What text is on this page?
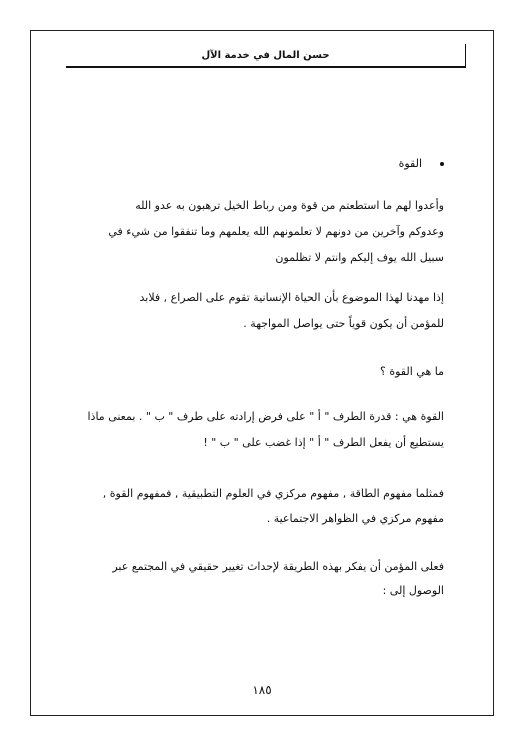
حسن المال في خدمة الآل
القوة
وأعدوا لهم ما استطعتم من قوة ومن رباط الخيل ترهبون به عدو الله
وعدوكم وآخرين من دونهم لا تعلمونهم الله يعلمهم وما تنفقوا من شيء في
سبيل الله يوف إليكم وانتم لا تظلمون
إذا مهدنا لهذا الموضوع بأن الحياة الإنسانية تقوم على الصراع , فلابد
للمؤمن أن يكون قوياً حتى يواصل المواجهة .
ما هي القوة ؟
القوة هي : قدرة الطرف " أ " على فرض إرادته على طرف " ب " . بمعنى ماذا
يستطيع أن يفعل الطرف " أ " إذا غضب على " ب " !
فمثلما مفهوم الطاقة , مفهوم مركزي في العلوم التطبيقية , فمفهوم القوة ,
مفهوم مركزي في الظواهر الاجتماعية .
فعلى المؤمن أن يفكر بهذه الطريقة لإحداث تغيير حقيقي في المجتمع عبر
الوصول إلى :
١٨٥
